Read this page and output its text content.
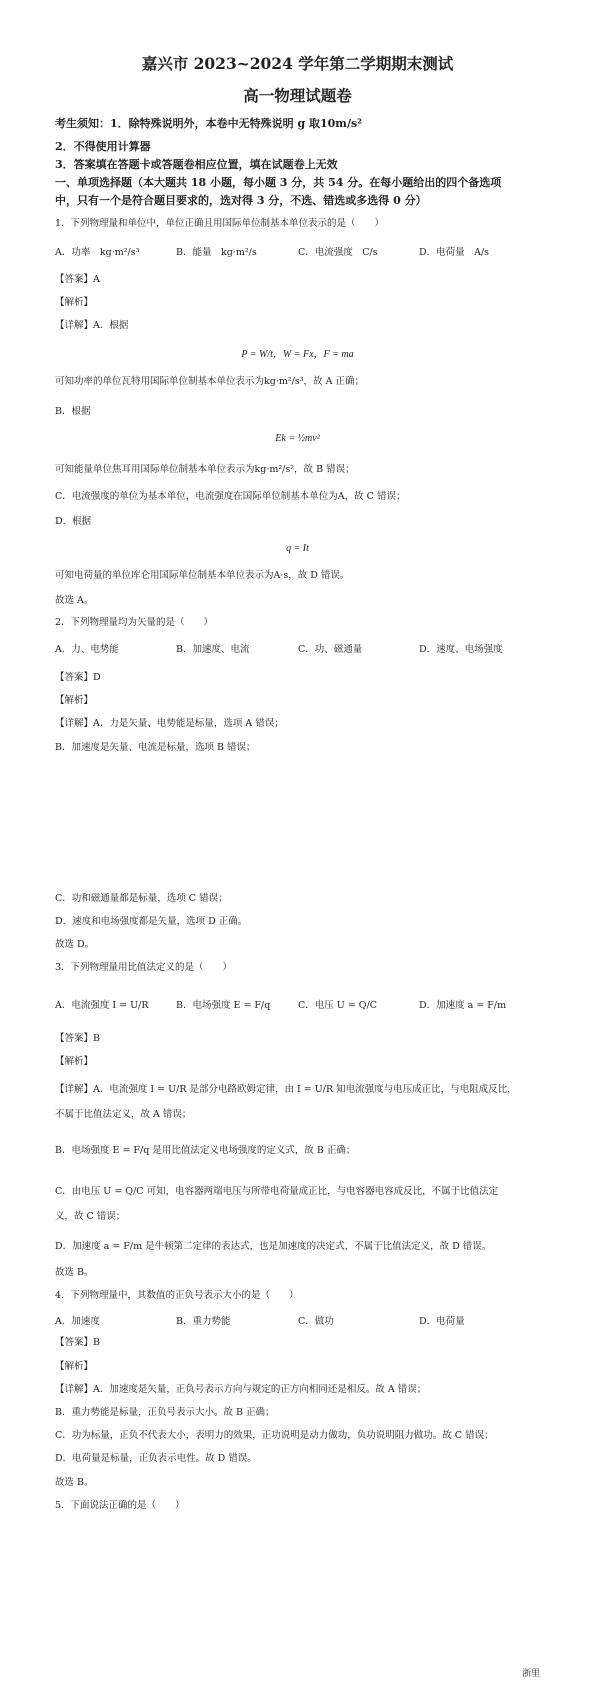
嘉兴市 2023~2024 学年第二学期期末测试
高一物理试题卷
考生须知：1．除特殊说明外，本卷中无特殊说明 g 取10m/s²
2．不得使用计算器
3．答案填在答题卡或答题卷相应位置，填在试题卷上无效
一、单项选择题（本大题共 18 小题，每小题 3 分，共 54 分。在每小题给出的四个备选项
中，只有一个是符合题目要求的，选对得 3 分，不选、错选或多选得 0 分）
1．下列物理量和单位中，单位正确且用国际单位制基本单位表示的是（　　）
A．功率　kg·m²/s³	B．能量　kg·m²/s	C．电流强度　C/s	D．电荷量　A/s
【答案】A
【解析】
【详解】A．根据
P = W/t，W = Fx，F = ma
可知功率的单位瓦特用国际单位制基本单位表示为kg·m²/s³，故 A 正确；
B．根据
Ek = ½mv²
可知能量单位焦耳用国际单位制基本单位表示为kg·m²/s²，故 B 错误；
C．电流强度的单位为基本单位，电流强度在国际单位制基本单位为A，故 C 错误；
D．根据
q = It
可知电荷量的单位库仑用国际单位制基本单位表示为A·s，故 D 错误。
故选 A。
2．下列物理量均为矢量的是（　　）
A．力、电势能	B．加速度、电流	C．功、磁通量	D．速度、电场强度
【答案】D
【解析】
【详解】A．力是矢量、电势能是标量，选项 A 错误；
B．加速度是矢量、电流是标量，选项 B 错误；
C．功和磁通量都是标量，选项 C 错误；
D．速度和电场强度都是矢量，选项 D 正确。
故选 D。
3．下列物理量用比值法定义的是（　　）
A．电流强度 I = U/R	B．电场强度 E = F/q	C．电压 U = Q/C	D．加速度 a = F/m
【答案】B
【解析】
【详解】A．电流强度 I = U/R 是部分电路欧姆定律，由 I = U/R 知电流强度与电压成正比，与电阻成反比，
不属于比值法定义，故 A 错误；
B．电场强度 E = F/q 是用比值法定义电场强度的定义式，故 B 正确；
C．由电压 U = Q/C 可知，电容器两端电压与所带电荷量成正比，与电容器电容成反比，不属于比值法定
义，故 C 错误；
D．加速度 a = F/m 是牛顿第二定律的表达式，也是加速度的决定式，不属于比值法定义，故 D 错误。
故选 B。
4．下列物理量中，其数值的正负号表示大小的是（　　）
A．加速度	B．重力势能	C．做功	D．电荷量
【答案】B
【解析】
【详解】A．加速度是矢量，正负号表示方向与规定的正方向相同还是相反。故 A 错误；
B．重力势能是标量，正负号表示大小。故 B 正确；
C．功为标量，正负不代表大小，表明力的效果，正功说明是动力做功，负功说明阻力做功。故 C 错误；
D．电荷量是标量，正负表示电性。故 D 错误。
故选 B。
5．下面说法正确的是（　　）
浙里
